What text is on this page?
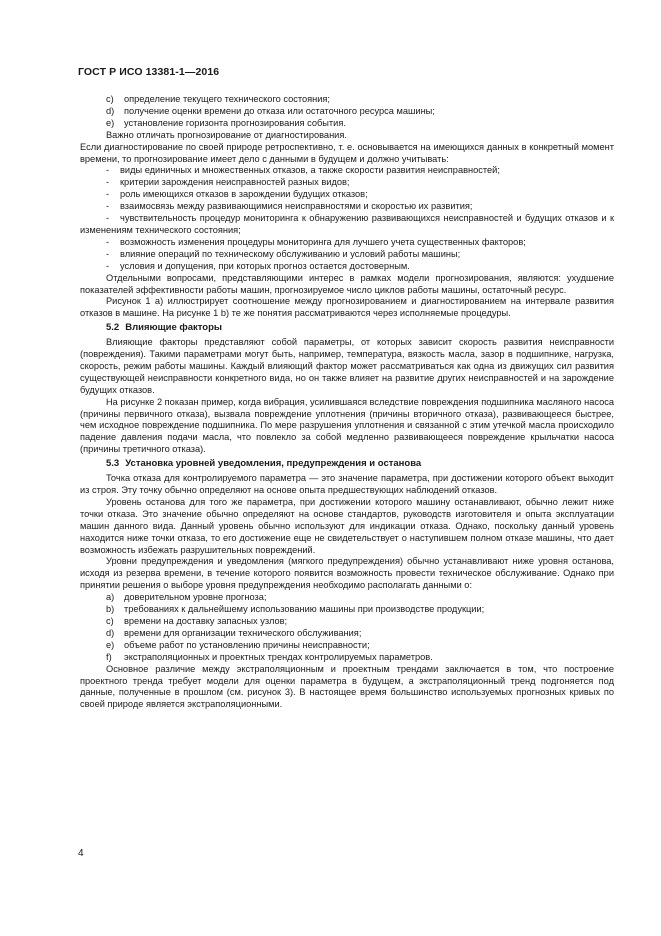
ГОСТ Р ИСО 13381-1—2016

c) определение текущего технического состояния;

d) получение оценки времени до отказа или остаточного ресурса машины;

e) установление горизонта прогнозирования события.

Важно отличать прогнозирование от диагностирования.

Если диагностирование по своей природе ретроспективно, т. е. основывается на имеющихся данных в конкретный момент времени, то прогнозирование имеет дело с данными в будущем и должно учитывать:

- виды единичных и множественных отказов, а также скорости развития неисправностей;

- критерии зарождения неисправностей разных видов;

- роль имеющихся отказов в зарождении будущих отказов;

- взаимосвязь между развивающимися неисправностями и скоростью их развития;

- чувствительность процедур мониторинга к обнаружению развивающихся неисправностей и будущих отказов и к изменениям технического состояния;

- возможность изменения процедуры мониторинга для лучшего учета существенных факторов;

- влияние операций по техническому обслуживанию и условий работы машины;

- условия и допущения, при которых прогноз остается достоверным.

Отдельными вопросами, представляющими интерес в рамках модели прогнозирования, являются: ухудшение показателей эффективности работы машин, прогнозируемое число циклов работы машины, остаточный ресурс.

Рисунок 1 а) иллюстрирует соотношение между прогнозированием и диагностированием на интервале развития отказов в машине. На рисунке 1 b) те же понятия рассматриваются через исполняемые процедуры.

5.2 Влияющие факторы

Влияющие факторы представляют собой параметры, от которых зависит скорость развития неисправности (повреждения). Такими параметрами могут быть, например, температура, вязкость масла, зазор в подшипнике, нагрузка, скорость, режим работы машины. Каждый влияющий фактор может рассматриваться как одна из движущих сил развития существующей неисправности конкретного вида, но он также влияет на развитие других неисправностей и на зарождение будущих отказов.

На рисунке 2 показан пример, когда вибрация, усилившаяся вследствие повреждения подшипника масляного насоса (причины первичного отказа), вызвала повреждение уплотнения (причины вторичного отказа), развивающееся быстрее, чем исходное повреждение подшипника. По мере разрушения уплотнения и связанной с этим утечкой масла происходило падение давления подачи масла, что повлекло за собой медленно развивающееся повреждение крыльчатки насоса (причины третичного отказа).

5.3 Установка уровней уведомления, предупреждения и останова

Точка отказа для контролируемого параметра — это значение параметра, при достижении которого объект выходит из строя. Эту точку обычно определяют на основе опыта предшествующих наблюдений отказов.

Уровень останова для того же параметра, при достижении которого машину останавливают, обычно лежит ниже точки отказа. Это значение обычно определяют на основе стандартов, руководств изготовителя и опыта эксплуатации машин данного вида. Данный уровень обычно используют для индикации отказа. Однако, поскольку данный уровень находится ниже точки отказа, то его достижение еще не свидетельствует о наступившем полном отказе машины, что дает возможность избежать разрушительных повреждений.

Уровни предупреждения и уведомления (мягкого предупреждения) обычно устанавливают ниже уровня останова, исходя из резерва времени, в течение которого появится возможность провести техническое обслуживание. Однако при принятии решения о выборе уровня предупреждения необходимо располагать данными о:

a) доверительном уровне прогноза;

b) требованиях к дальнейшему использованию машины при производстве продукции;

c) времени на доставку запасных узлов;

d) времени для организации технического обслуживания;

e) объеме работ по установлению причины неисправности;

f) экстраполяционных и проектных трендах контролируемых параметров.

Основное различие между экстраполяционным и проектным трендами заключается в том, что построение проектного тренда требует модели для оценки параметра в будущем, а экстраполяционный тренд подгоняется под данные, полученные в прошлом (см. рисунок 3). В настоящее время большинство используемых прогнозных кривых по своей природе является экстраполяционными.

4
